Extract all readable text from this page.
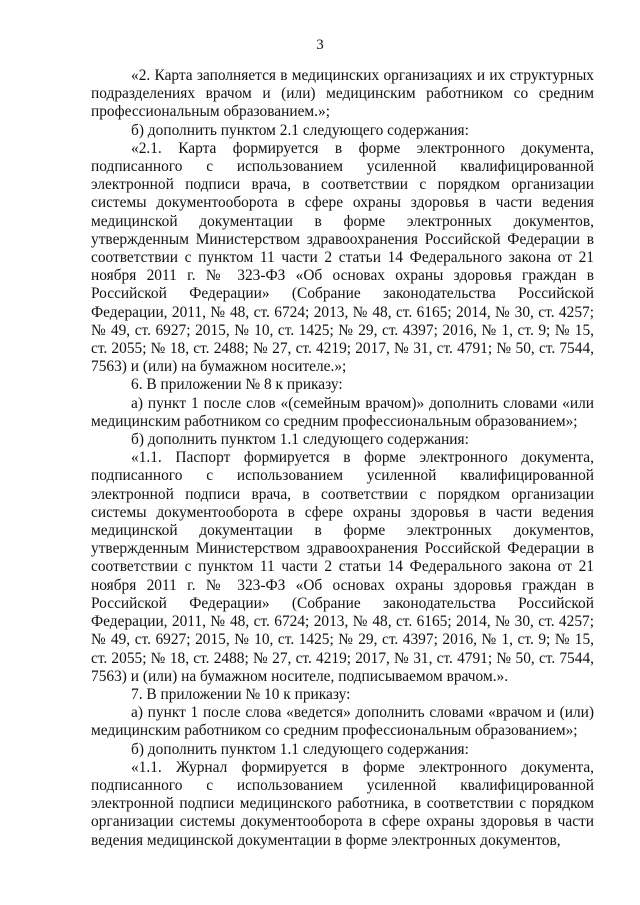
3

«2. Карта заполняется в медицинских организациях и их структурных подразделениях врачом и (или) медицинским работником со средним профессиональным образованием.»;

б) дополнить пунктом 2.1 следующего содержания:

«2.1. Карта формируется в форме электронного документа, подписанного с использованием усиленной квалифицированной электронной подписи врача, в соответствии с порядком организации системы документооборота в сфере охраны здоровья в части ведения медицинской документации в форме электронных документов, утвержденным Министерством здравоохранения Российской Федерации в соответствии с пунктом 11 части 2 статьи 14 Федерального закона от 21 ноября 2011 г. № 323-ФЗ «Об основах охраны здоровья граждан в Российской Федерации» (Собрание законодательства Российской Федерации, 2011, № 48, ст. 6724; 2013, № 48, ст. 6165; 2014, № 30, ст. 4257; № 49, ст. 6927; 2015, № 10, ст. 1425; № 29, ст. 4397; 2016, № 1, ст. 9; № 15, ст. 2055; № 18, ст. 2488; № 27, ст. 4219; 2017, № 31, ст. 4791; № 50, ст. 7544, 7563) и (или) на бумажном носителе.»;

6. В приложении № 8 к приказу:

а) пункт 1 после слов «(семейным врачом)» дополнить словами «или медицинским работником со средним профессиональным образованием»;

б) дополнить пунктом 1.1 следующего содержания:

«1.1. Паспорт формируется в форме электронного документа, подписанного с использованием усиленной квалифицированной электронной подписи врача, в соответствии с порядком организации системы документооборота в сфере охраны здоровья в части ведения медицинской документации в форме электронных документов, утвержденным Министерством здравоохранения Российской Федерации в соответствии с пунктом 11 части 2 статьи 14 Федерального закона от 21 ноября 2011 г. № 323-ФЗ «Об основах охраны здоровья граждан в Российской Федерации» (Собрание законодательства Российской Федерации, 2011, № 48, ст. 6724; 2013, № 48, ст. 6165; 2014, № 30, ст. 4257; № 49, ст. 6927; 2015, № 10, ст. 1425; № 29, ст. 4397; 2016, № 1, ст. 9; № 15, ст. 2055; № 18, ст. 2488; № 27, ст. 4219; 2017, № 31, ст. 4791; № 50, ст. 7544, 7563) и (или) на бумажном носителе, подписываемом врачом.».

7. В приложении № 10 к приказу:

а) пункт 1 после слова «ведется» дополнить словами «врачом и (или) медицинским работником со средним профессиональным образованием»;

б) дополнить пунктом 1.1 следующего содержания:

«1.1. Журнал формируется в форме электронного документа, подписанного с использованием усиленной квалифицированной электронной подписи медицинского работника, в соответствии с порядком организации системы документооборота в сфере охраны здоровья в части ведения медицинской документации в форме электронных документов,
